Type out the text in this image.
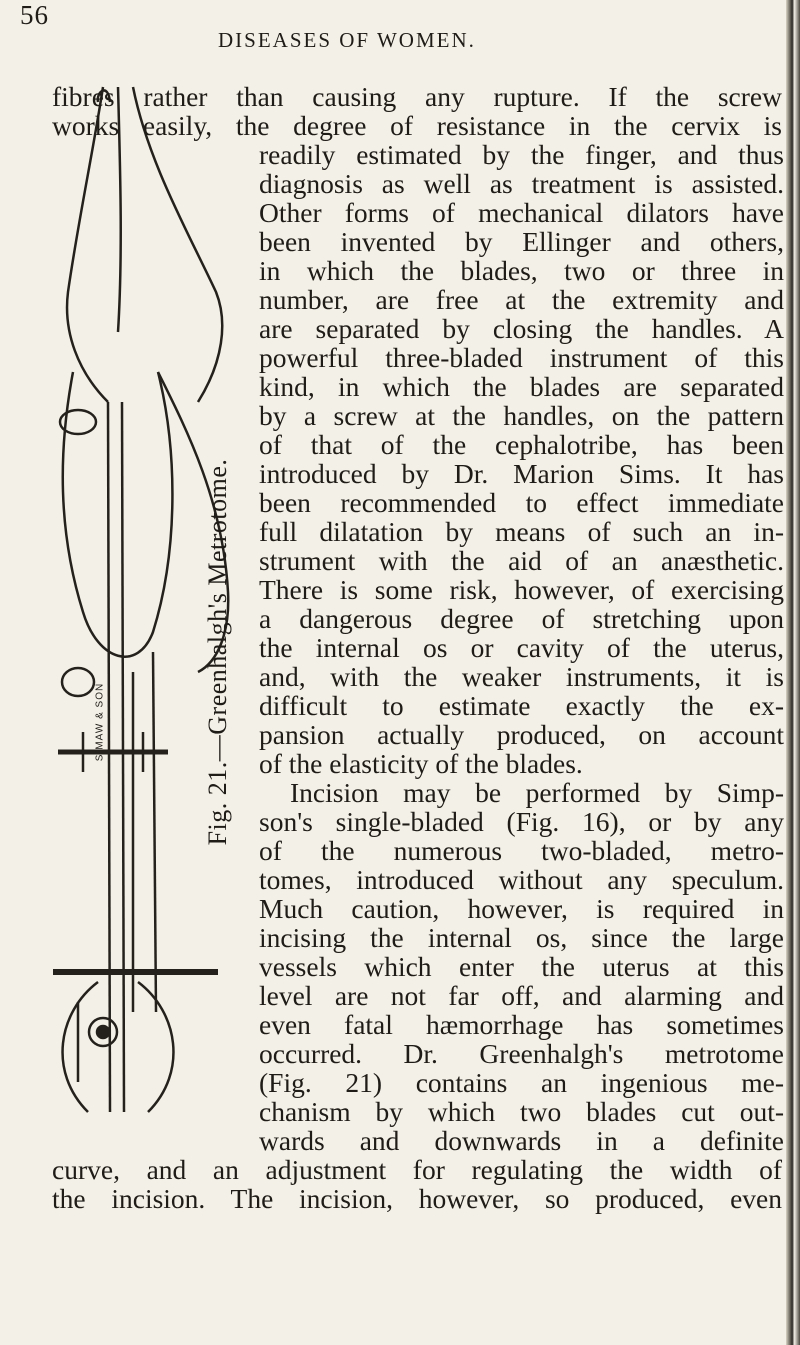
56
DISEASES OF WOMEN.
S MAW & SON	Fig. 21.—Greenhalgh's Metrotome.
fibres rather than causing any rupture. If the screw
works easily, the degree of resistance in the cervix is
readily estimated by the finger, and thus
diagnosis as well as treatment is assisted.
Other forms of mechanical dilators have
been invented by Ellinger and others,
in which the blades, two or three in
number, are free at the extremity and
are separated by closing the handles. A
powerful three-bladed instrument of this
kind, in which the blades are separated
by a screw at the handles, on the pattern
of that of the cephalotribe, has been
introduced by Dr. Marion Sims. It has
been recommended to effect immediate
full dilatation by means of such an in-
strument with the aid of an anæsthetic.
There is some risk, however, of exercising
a dangerous degree of stretching upon
the internal os or cavity of the uterus,
and, with the weaker instruments, it is
difficult to estimate exactly the ex-
pansion actually produced, on account
of the elasticity of the blades.
Incision may be performed by Simp-
son's single-bladed (Fig. 16), or by any
of the numerous two-bladed, metro-
tomes, introduced without any speculum.
Much caution, however, is required in
incising the internal os, since the large
vessels which enter the uterus at this
level are not far off, and alarming and
even fatal hæmorrhage has sometimes
occurred. Dr. Greenhalgh's metrotome
(Fig. 21) contains an ingenious me-
chanism by which two blades cut out-
wards and downwards in a definite
curve, and an adjustment for regulating the width of
the incision. The incision, however, so produced, even
